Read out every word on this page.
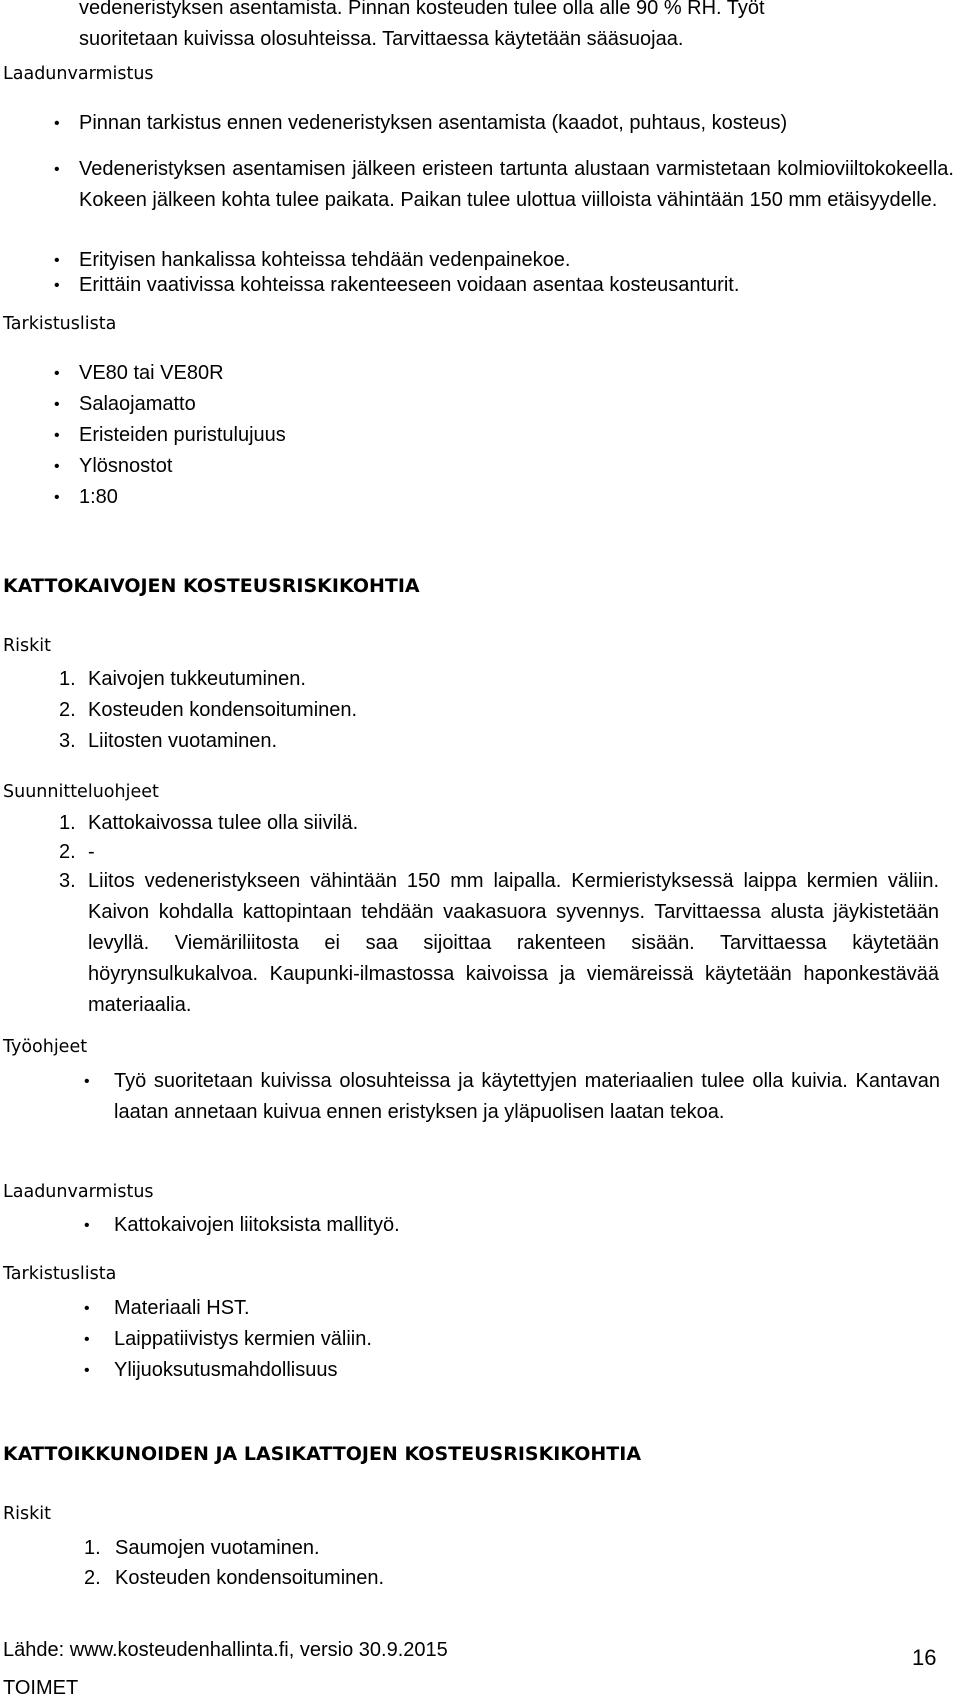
vedeneristyksen asentamista. Pinnan kosteuden tulee olla alle 90 % RH. Työt
suoritetaan kuivissa olosuhteissa. Tarvittaessa käytetään sääsuojaa.
Laadunvarmistus
• Pinnan tarkistus ennen vedeneristyksen asentamista (kaadot, puhtaus, kosteus)
• Vedeneristyksen asentamisen jälkeen eristeen tartunta alustaan varmistetaan kolmioviiltokokeella. Kokeen jälkeen kohta tulee paikata. Paikan tulee ulottua viilloista vähintään 150 mm etäisyydelle.
• Erityisen hankalissa kohteissa tehdään vedenpainekoe.
• Erittäin vaativissa kohteissa rakenteeseen voidaan asentaa kosteusanturit.
Tarkistuslista
• VE80 tai VE80R
• Salaojamatto
• Eristeiden puristulujuus
• Ylösnostot
• 1:80
KATTOKAIVOJEN KOSTEUSRISKIKOHTIA
Riskit
1. Kaivojen tukkeutuminen.
2. Kosteuden kondensoituminen.
3. Liitosten vuotaminen.
Suunnitteluohjeet
1. Kattokaivossa tulee olla siivilä.
2. -
3. Liitos vedeneristykseen vähintään 150 mm laipalla. Kermieristyksessä laippa kermien väliin. Kaivon kohdalla kattopintaan tehdään vaakasuora syvennys. Tarvittaessa alusta jäykistetään levyllä. Viemäriliitosta ei saa sijoittaa rakenteen sisään. Tarvittaessa käytetään höyrynsulkukalvoa. Kaupunki-ilmastossa kaivoissa ja viemäreissä käytetään haponkestävää materiaalia.
Työohjeet
• Työ suoritetaan kuivissa olosuhteissa ja käytettyjen materiaalien tulee olla kuivia. Kantavan laatan annetaan kuivua ennen eristyksen ja yläpuolisen laatan tekoa.
Laadunvarmistus
• Kattokaivojen liitoksista mallityö.
Tarkistuslista
• Materiaali HST.
• Laippatiivistys kermien väliin.
• Ylijuoksutusmahdollisuus
KATTOIKKUNOIDEN JA LASIKATTOJEN KOSTEUSRISKIKOHTIA
Riskit
1. Saumojen vuotaminen.
2. Kosteuden kondensoituminen.
Lähde: www.kosteudenhallinta.fi, versio 30.9.2015	16
TOIMET
